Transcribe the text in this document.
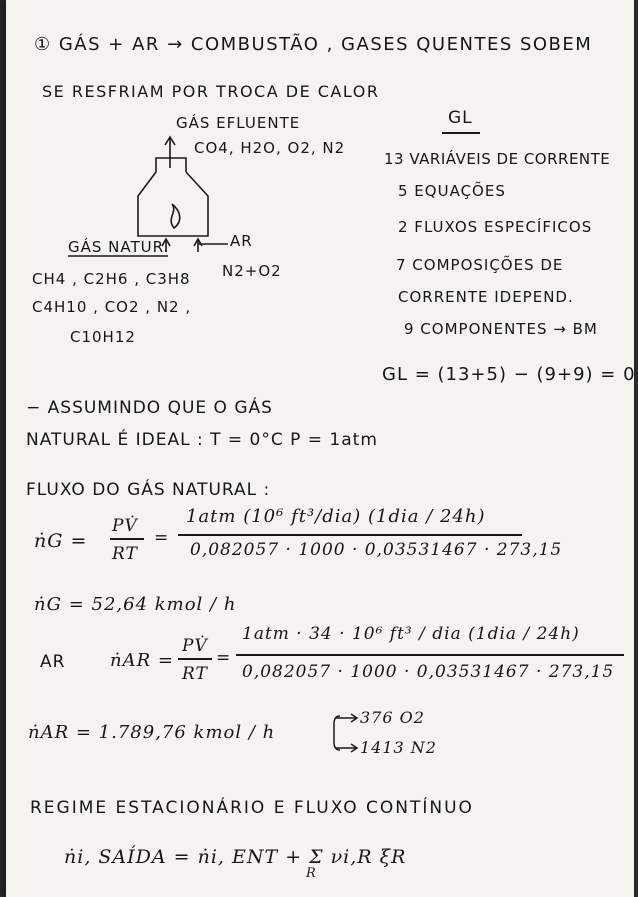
① GÁS + AR → COMBUSTÃO , GASES QUENTES SOBEM
SE RESFRIAM POR TROCA DE CALOR
GÁS EFLUENTE
CO4, H2O, O2, N2
GÁS NATUR.	AR
N2+O2
CH4 , C2H6 , C3H8
C4H10 , CO2 , N2 ,
C10H12
GL
13 VARIÁVEIS DE CORRENTE
5 EQUAÇÕES
2 FLUXOS ESPECÍFICOS
7 COMPOSIÇÕES DE
CORRENTE IDEPEND.
9 COMPONENTES → BM
GL = (13+5) − (9+9) = 0
− ASSUMINDO QUE O GÁS
NATURAL É IDEAL : T = 0°C P = 1atm
FLUXO DO GÁS NATURAL :
ṅG =
PV̇
RT
=
1atm (10⁶ ft³/dia) (1dia / 24h)
0,082057 · 1000 · 0,03531467 · 273,15
ṅG = 52,64 kmol / h
AR ṅAR =
PV̇
RT
=
1atm · 34 · 10⁶ ft³ / dia (1dia / 24h)
0,082057 · 1000 · 0,03531467 · 273,15
ṅAR = 1.789,76 kmol / h
376 O2
1413 N2
REGIME ESTACIONÁRIO E FLUXO CONTÍNUO
ṅi, SAÍDA = ṅi, ENT + Σ νi,R ξR
R
